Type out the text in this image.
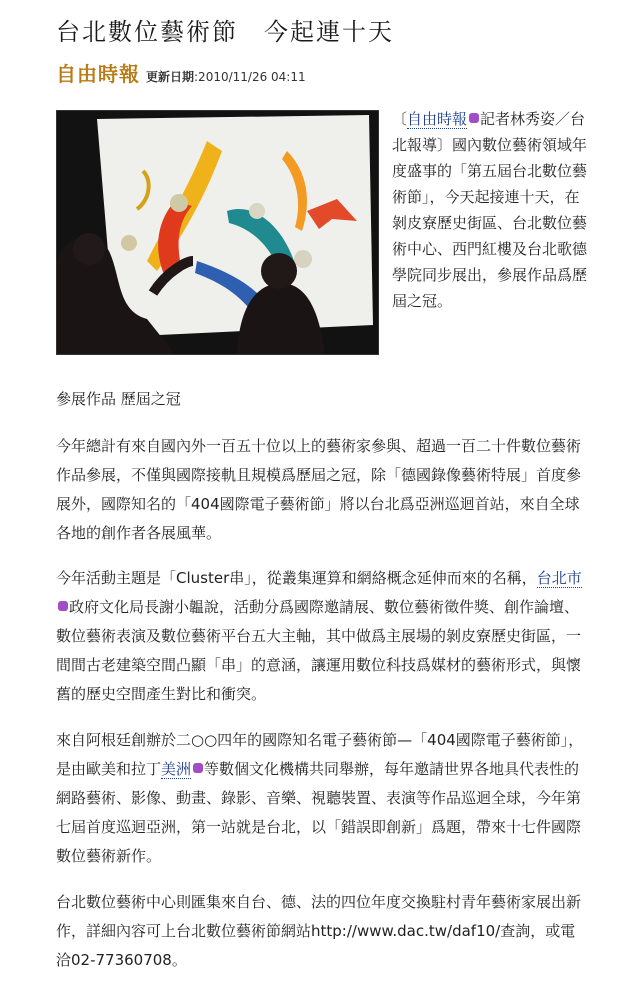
台北數位藝術節　今起連十天
自由時報 更新日期:2010/11/26 04:11
〔自由時報 記者林秀姿／台北報導〕國內數位藝術領域年度盛事的「第五屆台北數位藝術節」，今天起接連十天，在剝皮寮歷史街區、台北數位藝術中心、西門紅樓及台北歌德學院同步展出，參展作品爲歷屆之冠。
參展作品 歷屆之冠
今年總計有來自國內外一百五十位以上的藝術家參與、超過一百二十件數位藝術作品參展，不僅與國際接軌且規模爲歷屆之冠，除「德國錄像藝術特展」首度參展外，國際知名的「404國際電子藝術節」將以台北爲亞洲巡迴首站，來自全球各地的創作者各展風華。
今年活動主題是「Cluster串」，從叢集運算和網絡概念延伸而來的名稱，台北市政府文化局長謝小韞說，活動分爲國際邀請展、數位藝術徵件獎、創作論壇、數位藝術表演及數位藝術平台五大主軸，其中做爲主展場的剝皮寮歷史街區，一間間古老建築空間凸顯「串」的意涵，讓運用數位科技爲媒材的藝術形式，與懷舊的歷史空間產生對比和衝突。
來自阿根廷創辦於二○○四年的國際知名電子藝術節—「404國際電子藝術節」，是由歐美和拉丁美洲 等數個文化機構共同舉辦，每年邀請世界各地具代表性的網路藝術、影像、動畫、錄影、音樂、視聽裝置、表演等作品巡迴全球，今年第七屆首度巡迴亞洲，第一站就是台北，以「錯誤即創新」爲題，帶來十七件國際數位藝術新作。
台北數位藝術中心則匯集來自台、德、法的四位年度交換駐村青年藝術家展出新作，詳細內容可上台北數位藝術節網站http://www.dac.tw/daf10/查詢，或電洽02-77360708。
